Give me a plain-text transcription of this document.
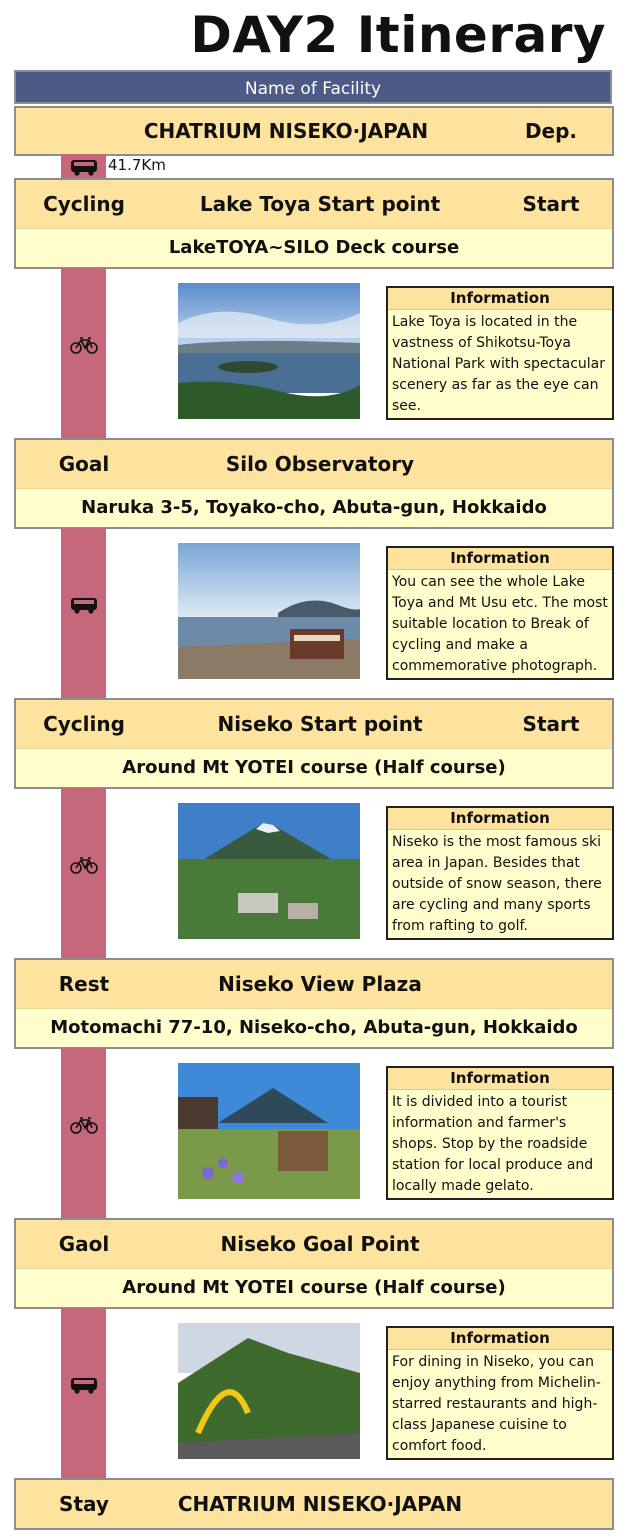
DAY2 Itinerary
Name of Facility
CHATRIUM NISEKO·JAPAN	Dep.
41.7Km
Cycling	Lake Toya Start point	Start
LakeTOYA~SILO Deck course
Information
Lake Toya is located in the vastness of Shikotsu-Toya National Park with spectacular scenery as far as the eye can see.
Goal	Silo Observatory
Naruka 3-5, Toyako-cho, Abuta-gun, Hokkaido
Information
You can see the whole Lake Toya and Mt Usu etc. The most suitable location to Break of cycling and make a commemorative photograph.
Cycling	Niseko Start point	Start
Around Mt YOTEI course (Half course)
Information
Niseko is the most famous ski area in Japan. Besides that outside of snow season, there are cycling and many sports from rafting to golf.
Rest	Niseko View Plaza
Motomachi 77-10, Niseko-cho, Abuta-gun, Hokkaido
Information
It is divided into a tourist information and farmer's shops. Stop by the roadside station for local produce and locally made gelato.
Gaol	Niseko Goal Point
Around Mt YOTEI course (Half course)
Information
For dining in Niseko, you can enjoy anything from Michelin-starred restaurants and high-class Japanese cuisine to comfort food.
Stay	CHATRIUM NISEKO·JAPAN
